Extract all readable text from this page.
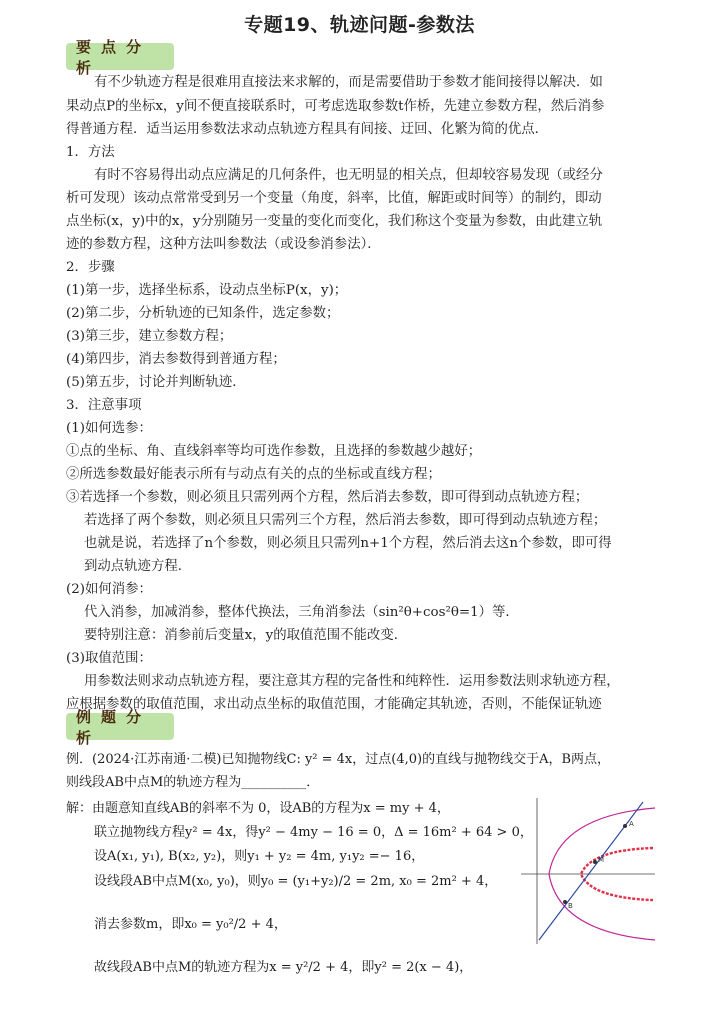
专题19、轨迹问题-参数法
要点分析
有不少轨迹方程是很难用直接法来求解的，而是需要借助于参数才能间接得以解决．如
果动点P的坐标x，y间不便直接联系时，可考虑选取参数t作桥，先建立参数方程，然后消参
得普通方程．适当运用参数法求动点轨迹方程具有间接、迂回、化繁为简的优点．
1．方法
有时不容易得出动点应满足的几何条件，也无明显的相关点，但却较容易发现（或经分
析可发现）该动点常常受到另一个变量（角度，斜率，比值，解距或时间等）的制约，即动
点坐标(x，y)中的x，y分别随另一变量的变化而变化，我们称这个变量为参数，由此建立轨
迹的参数方程，这种方法叫参数法（或设参消参法）．
2．步骤
(1)第一步，选择坐标系，设动点坐标P(x，y)；
(2)第二步，分析轨迹的已知条件，选定参数；
(3)第三步，建立参数方程；
(4)第四步，消去参数得到普通方程；
(5)第五步，讨论并判断轨迹．
3．注意事项
(1)如何选参：
①点的坐标、角、直线斜率等均可选作参数，且选择的参数越少越好；
②所选参数最好能表示所有与动点有关的点的坐标或直线方程；
③若选择一个参数，则必须且只需列两个方程，然后消去参数，即可得到动点轨迹方程；
若选择了两个参数，则必须且只需列三个方程，然后消去参数，即可得到动点轨迹方程；
也就是说，若选择了n个参数，则必须且只需列n+1个方程，然后消去这n个参数，即可得
到动点轨迹方程．
(2)如何消参：
代入消参，加减消参，整体代换法，三角消参法（sin²θ+cos²θ=1）等．
要特别注意：消参前后变量x，y的取值范围不能改变．
(3)取值范围：
用参数法则求动点轨迹方程，要注意其方程的完备性和纯粹性．运用参数法则求轨迹方程，
应根据参数的取值范围，求出动点坐标的取值范围，才能确定其轨迹，否则，不能保证轨迹
例题分析
例．(2024·江苏南通·二模)已知抛物线C: y² = 4x，过点(4,0)的直线与抛物线交于A，B两点，
则线段AB中点M的轨迹方程为__________．
解：由题意知直线AB的斜率不为 0，设AB的方程为x = my + 4，
联立抛物线方程y² = 4x，得y² − 4my − 16 = 0，Δ = 16m² + 64 > 0，
设A(x₁, y₁), B(x₂, y₂)，则y₁ + y₂ = 4m, y₁y₂ =− 16，
设线段AB中点M(x₀, y₀)，则y₀ = (y₁+y₂)/2 = 2m, x₀ = 2m² + 4，
消去参数m，即x₀ = y₀²/2 + 4，
故线段AB中点M的轨迹方程为x = y²/2 + 4，即y² = 2(x − 4)，
A
M
B
